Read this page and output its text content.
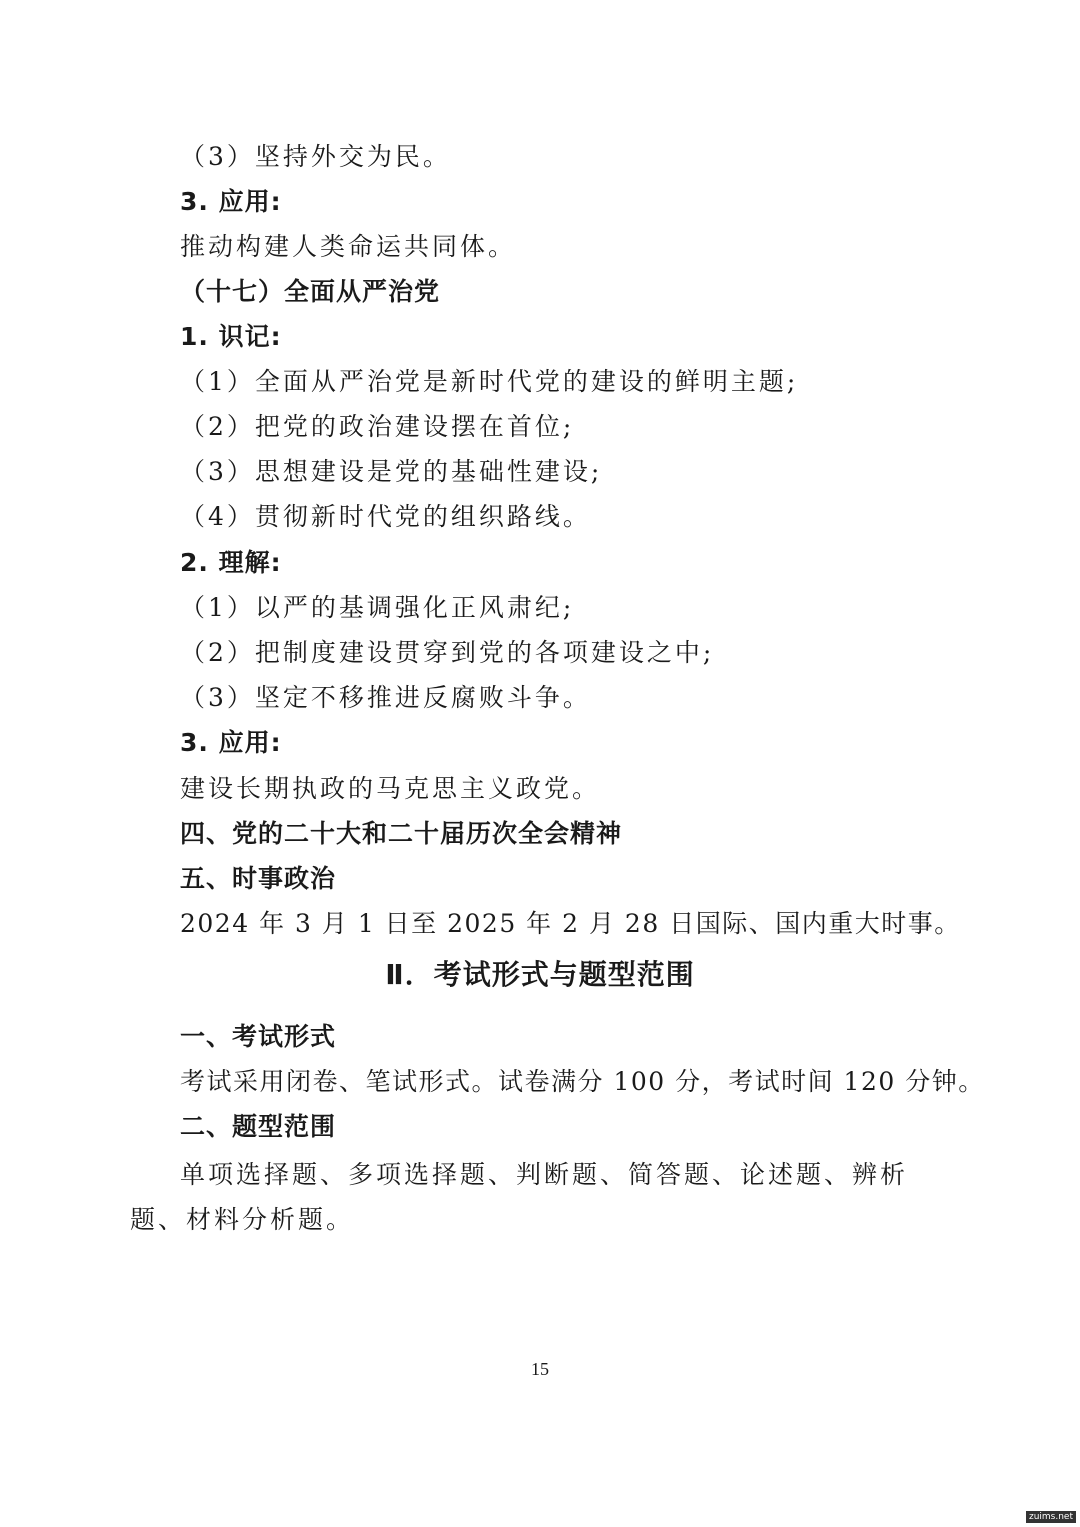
（3）坚持外交为民。
3. 应用:
推动构建人类命运共同体。
（十七）全面从严治党
1. 识记:
（1）全面从严治党是新时代党的建设的鲜明主题;
（2）把党的政治建设摆在首位;
（3）思想建设是党的基础性建设;
（4）贯彻新时代党的组织路线。
2. 理解:
（1）以严的基调强化正风肃纪;
（2）把制度建设贯穿到党的各项建设之中;
（3）坚定不移推进反腐败斗争。
3. 应用:
建设长期执政的马克思主义政党。
四、党的二十大和二十届历次全会精神
五、时事政治
2024 年 3 月 1 日至 2025 年 2 月 28 日国际、国内重大时事。
Ⅱ．考试形式与题型范围
一、考试形式
考试采用闭卷、笔试形式。试卷满分 100 分，考试时间 120 分钟。
二、题型范围

单项选择题、多项选择题、判断题、简答题、论述题、辨析题、材料分析题。

15
zuims.net
